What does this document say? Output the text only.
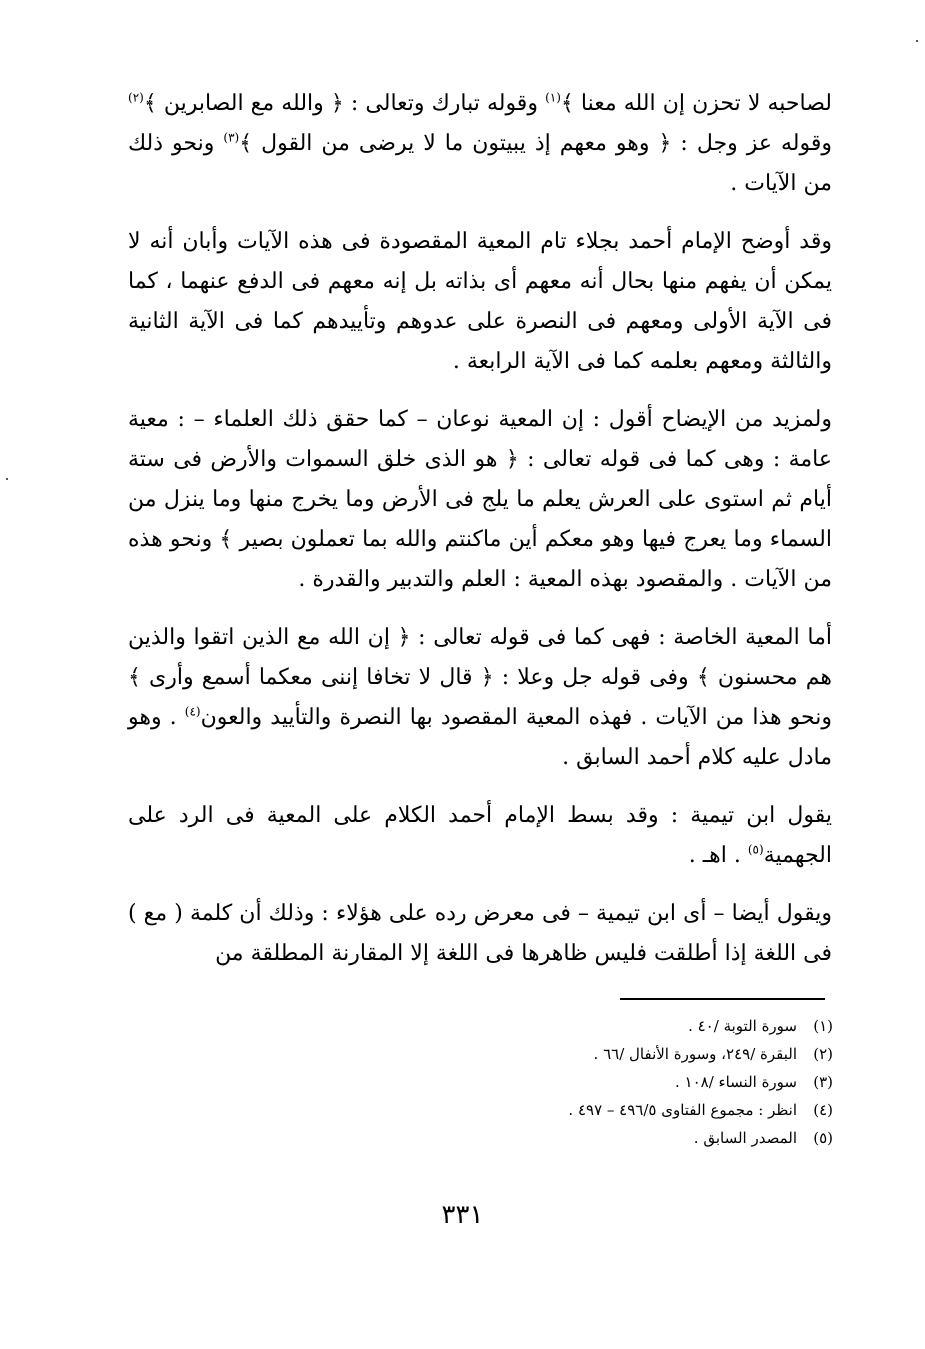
لصاحبه لا تحزن إن الله معنا ﴾$^{(١)}$ وقوله تبارك وتعالى : ﴿ والله مع الصابرين ﴾$^{(٢)}$ وقوله عز وجل : ﴿ وهو معهم إذ يبيتون ما لا يرضى من القول ﴾$^{(٣)}$ ونحو ذلك من الآيات .

وقد أوضح الإمام أحمد بجلاء تام المعية المقصودة فى هذه الآيات وأبان أنه لا يمكن أن يفهم منها بحال أنه معهم أى بذاته بل إنه معهم فى الدفع عنهما ، كما فى الآية الأولى ومعهم فى النصرة على عدوهم وتأييدهم كما فى الآية الثانية والثالثة ومعهم بعلمه كما فى الآية الرابعة .

ولمزيد من الإيضاح أقول : إن المعية نوعان – كما حقق ذلك العلماء – : معية عامة : وهى كما فى قوله تعالى : ﴿ هو الذى خلق السموات والأرض فى ستة أيام ثم استوى على العرش يعلم ما يلج فى الأرض وما يخرج منها وما ينزل من السماء وما يعرج فيها وهو معكم أين ماكنتم والله بما تعملون بصير ﴾ ونحو هذه من الآيات . والمقصود بهذه المعية : العلم والتدبير والقدرة .

أما المعية الخاصة : فهى كما فى قوله تعالى : ﴿ إن الله مع الذين اتقوا والذين هم محسنون ﴾ وفى قوله جل وعلا : ﴿ قال لا تخافا إننى معكما أسمع وأرى ﴾ ونحو هذا من الآيات . فهذه المعية المقصود بها النصرة والتأييد والعون$^{(٤)}$ . وهو مادل عليه كلام أحمد السابق .

يقول ابن تيمية : وقد بسط الإمام أحمد الكلام على المعية فى الرد على الجهمية$^{(٥)}$ . اهـ .

ويقول أيضا – أى ابن تيمية – فى معرض رده على هؤلاء : وذلك أن كلمة ( مع ) فى اللغة إذا أطلقت فليس ظاهرها فى اللغة إلا المقارنة المطلقة من

(١)سورة التوبة /٤٠ .
(٢)البقرة /٢٤٩، وسورة الأنفال /٦٦ .
(٣)سورة النساء /١٠٨ .
(٤)انظر : مجموع الفتاوى ٤٩٦/٥ – ٤٩٧ .
(٥)المصدر السابق .
٣٣١
